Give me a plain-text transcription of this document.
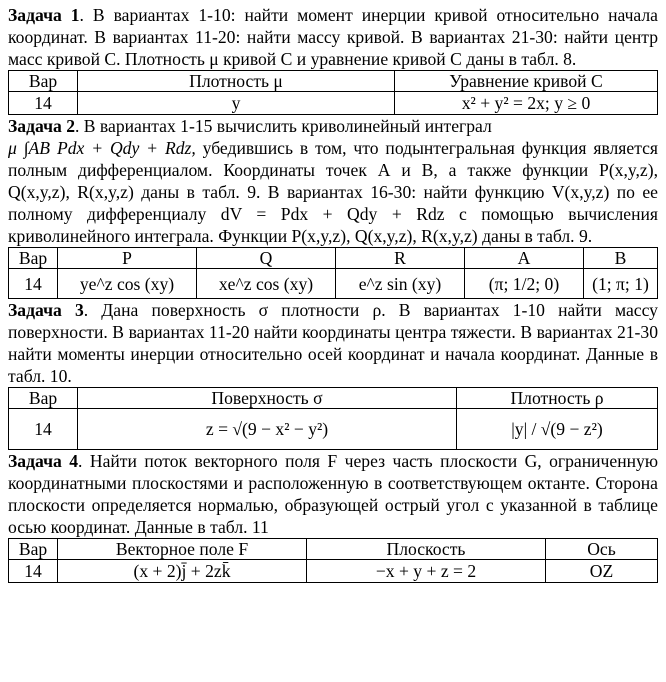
Задача 1. В вариантах 1-10: найти момент инерции кривой относительно начала координат. В вариантах 11-20: найти массу кривой. В вариантах 21-30: найти центр масс кривой С. Плотность μ кривой С и уравнение кривой С даны в табл. 8.

Вар	Плотность μ	Уравнение кривой С
14	y	x² + y² = 2x; y ≥ 0

Задача 2. В вариантах 1-15 вычислить криволинейный интеграл
μ ∫AB Pdx + Qdy + Rdz, убедившись в том, что подынтегральная функция является полным дифференциалом. Координаты точек А и В, а также функции P(x,y,z), Q(x,y,z), R(x,y,z) даны в табл. 9. В вариантах 16-30: найти функцию V(x,y,z) по ее полному дифференциалу dV = Pdx + Qdy + Rdz с помощью вычисления криволинейного интеграла. Функции P(x,y,z), Q(x,y,z), R(x,y,z) даны в табл. 9.

Вар	P	Q	R	A	B
14	ye^z cos (xy)	xe^z cos (xy)	e^z sin (xy)	(π; 1/2; 0)	(1; π; 1)

Задача 3. Дана поверхность σ плотности ρ. В вариантах 1-10 найти массу поверхности. В вариантах 11-20 найти координаты центра тяжести. В вариантах 21-30 найти моменты инерции относительно осей координат и начала координат. Данные в табл. 10.

Вар	Поверхность σ	Плотность ρ
14	z = √(9 − x² − y²)	|y| / √(9 − z²)

Задача 4. Найти поток векторного поля F через часть плоскости G, ограниченную координатными плоскостями и расположенную в соответствующем октанте. Сторона плоскости определяется нормалью, образующей острый угол с указанной в таблице осью координат. Данные в табл. 11

Вар	Векторное поле F	Плоскость	Ось
14	(x + 2)j̄ + 2zk̄	−x + y + z = 2	OZ
